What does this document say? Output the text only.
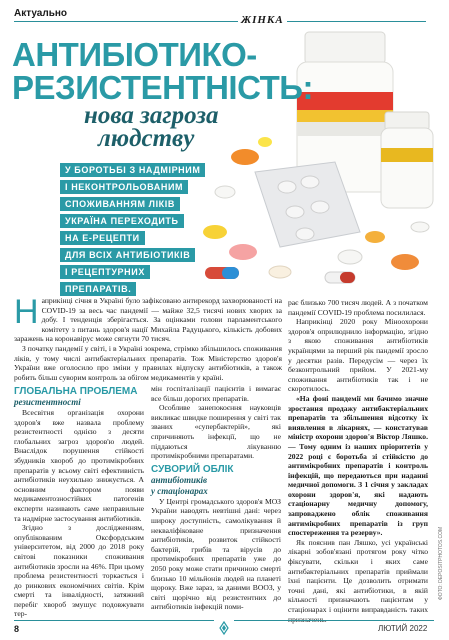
Актуально
ЖІНКА
АНТИБІОТИКО-
РЕЗИСТЕНТНІСТЬ:
нова загроза
людству
У БОРОТЬБІ З НАДМІРНИМ
І НЕКОНТРОЛЬОВАНИМ
СПОЖИВАННЯМ ЛІКІВ
УКРАЇНА ПЕРЕХОДИТЬ
НА Е-РЕЦЕПТИ
ДЛЯ ВСІХ АНТИБІОТИКІВ
І РЕЦЕПТУРНИХ
ПРЕПАРАТІВ.
Н априкінці січня в Україні було зафіксовано антирекорд захворюваності на COVID-19 за весь час пандемії — майже 32,5 тисячі нових хворих за добу. І тенденція зберігається. За оцінками голови парламентського комітету з питань здоров'я нації Михайла Радуцького, кількість добових заражень на коронавірус може сягнути 70 тисяч.

З початку пандемії у світі, і в Україні зокрема, стрімко збільшилось споживання ліків, у тому числі антибактеріальних препаратів. Тож Міністерство здоров'я України вже оголосило про зміни у правилах відпуску антибіотиків, а також робить більш суворим контроль за обігом медикаментів у країні.

ГЛОБАЛЬНА ПРОБЛЕМА

резистентності

Всесвітня організація охорони здоров'я вже назвала проблему резистентності однією з десяти глобальних загроз здоров'ю людей. Внаслідок порушення стійкості збудників хвороб до протимікробних препаратів у всьому світі ефективність антибіотиків неухильно знижується. А основним фактором появи медикаментозностійких патогенів експерти називають саме неправильне та надмірне застосування антибіотиків.

Згідно з дослідженням, опублікованим Оксфордським університетом, від 2000 до 2018 року світові показники споживання антибіотиків зросли на 46%. При цьому проблема резистентності торкається і до ринкових економічних світів. Крім смерті та інвалідності, затяжний перебіг хвороб змушує подовжувати тер-

мін госпіталізації пацієнтів і вимагає все більш дорогих препаратів.

Особливе занепокоєння науковців викликає швидке поширення у світі так званих «супербактерій», які спричиняють інфекції, що не піддаються лікуванню протимікробними препаратами.

СУВОРИЙ ОБЛІК

антибіотиків

у стаціонарах

У Центрі громадського здоров'я МОЗ України наводять невтішні дані: через широку доступність, самолікування й некваліфіковане призначення антибіотиків, розвиток стійкості бактерій, грибів та вірусів до протимікробних препаратів уже до 2050 року може стати причиною смерті близько 10 мільйонів людей на планеті щороку. Вже зараз, за даними ВООЗ, у світі щорічно від резистентних до антибіотиків інфекцій поми-

рає близько 700 тисяч людей. А з початком пандемії COVID-19 проблема посилилася.

Наприкінці 2020 року Міноохорони здоров'я оприлюднило інформацію, згідно з якою споживання антибіотиків українцями за перший рік пандемії зросло у десятки разів. Передусім — через їх безконтрольний прийом. У 2021-му споживання антибіотиків так і не скоротилось.

«На фоні пандемії ми бачимо значне зростання продажу антибактеріальних препаратів та збільшення відсотку їх виявлення в лікарнях, — констатував міністр охорони здоров'я Віктор Ляшко. — Тому одним із наших пріоритетів у 2022 році є боротьба зі стійкістю до антимікробних препаратів і контроль інфекцій, що передаються при наданні медичної допомоги. З 1 січня у закладах охорони здоров'я, які надають стаціонарну медичну допомогу, запроваджено облік споживання антимікробних препаратів із груп спостереження та резерву».

Як пояснив пан Ляшко, усі українські лікарні зобов'язані протягом року чітко фіксувати, скільки і яких саме антибактеріальних препаратів приймали їхні пацієнти. Це дозволить отримати точні дані, які антибіотики, в якій кількості призначають пацієнтам у стаціонарах і оцінити виправданість таких

ФОТО: DEPOSITPHOTOS.COM
8	ЛЮТИЙ 2022
